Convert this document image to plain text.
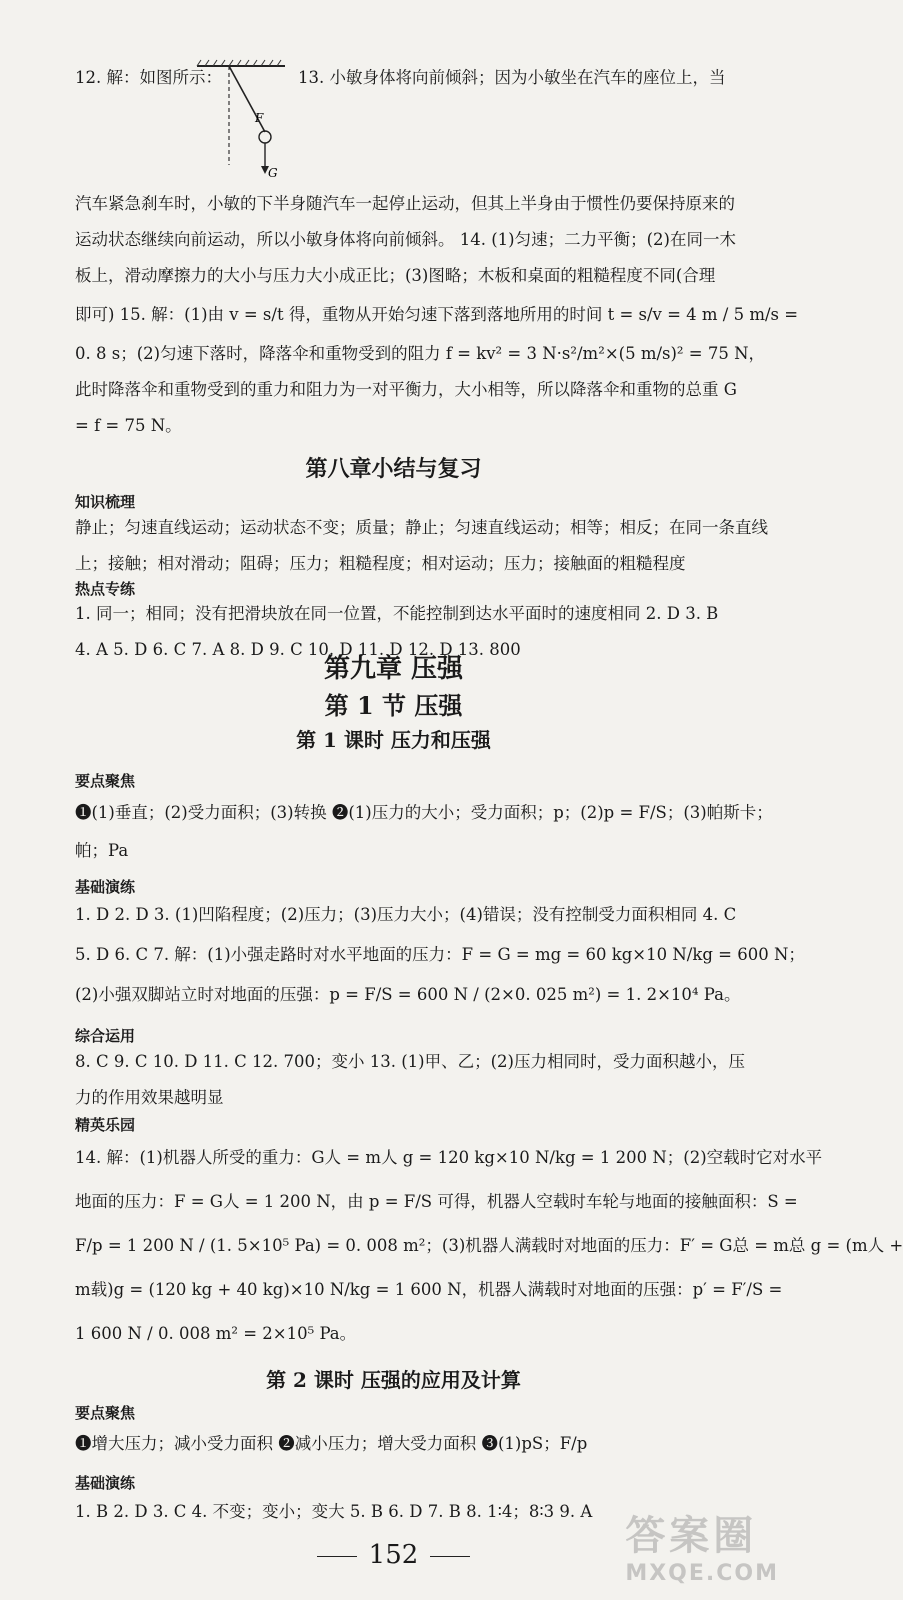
12. 解：如图所示：
F
G
13. 小敏身体将向前倾斜；因为小敏坐在汽车的座位上，当
汽车紧急刹车时，小敏的下半身随汽车一起停止运动，但其上半身由于惯性仍要保持原来的
运动状态继续向前运动，所以小敏身体将向前倾斜。 14. (1)匀速；二力平衡；(2)在同一木
板上，滑动摩擦力的大小与压力大小成正比；(3)图略；木板和桌面的粗糙程度不同(合理
即可) 15. 解：(1)由 v = s/t 得，重物从开始匀速下落到落地所用的时间 t = s/v = 4 m / 5 m/s =
0. 8 s；(2)匀速下落时，降落伞和重物受到的阻力 f = kv² = 3 N·s²/m²×(5 m/s)² = 75 N，
此时降落伞和重物受到的重力和阻力为一对平衡力，大小相等，所以降落伞和重物的总重 G
= f = 75 N。
第八章小结与复习
知识梳理
静止；匀速直线运动；运动状态不变；质量；静止；匀速直线运动；相等；相反；在同一条直线
上；接触；相对滑动；阻碍；压力；粗糙程度；相对运动；压力；接触面的粗糙程度
热点专练
1. 同一；相同；没有把滑块放在同一位置，不能控制到达水平面时的速度相同 2. D 3. B
4. A 5. D 6. C 7. A 8. D 9. C 10. D 11. D 12. D 13. 800
第九章 压强
第 1 节 压强
第 1 课时 压力和压强
要点聚焦
❶(1)垂直；(2)受力面积；(3)转换 ❷(1)压力的大小；受力面积；p；(2)p = F/S；(3)帕斯卡；
帕；Pa
基础演练
1. D 2. D 3. (1)凹陷程度；(2)压力；(3)压力大小；(4)错误；没有控制受力面积相同 4. C
5. D 6. C 7. 解：(1)小强走路时对水平地面的压力：F = G = mg = 60 kg×10 N/kg = 600 N；
(2)小强双脚站立时对地面的压强：p = F/S = 600 N / (2×0. 025 m²) = 1. 2×10⁴ Pa。
综合运用
8. C 9. C 10. D 11. C 12. 700；变小 13. (1)甲、乙；(2)压力相同时，受力面积越小，压
力的作用效果越明显
精英乐园
14. 解：(1)机器人所受的重力：G人 = m人 g = 120 kg×10 N/kg = 1 200 N；(2)空载时它对水平
地面的压力：F = G人 = 1 200 N，由 p = F/S 可得，机器人空载时车轮与地面的接触面积：S =
F/p = 1 200 N / (1. 5×10⁵ Pa) = 0. 008 m²；(3)机器人满载时对地面的压力：F′ = G总 = m总 g = (m人 +
m载)g = (120 kg + 40 kg)×10 N/kg = 1 600 N，机器人满载时对地面的压强：p′ = F′/S =
1 600 N / 0. 008 m² = 2×10⁵ Pa。
第 2 课时 压强的应用及计算
要点聚焦
❶增大压力；减小受力面积 ❷减小压力；增大受力面积 ❸(1)pS；F/p
基础演练
1. B 2. D 3. C 4. 不变；变小；变大 5. B 6. D 7. B 8. 1∶4；8∶3 9. A
152	答案圈
MXQE.COM
